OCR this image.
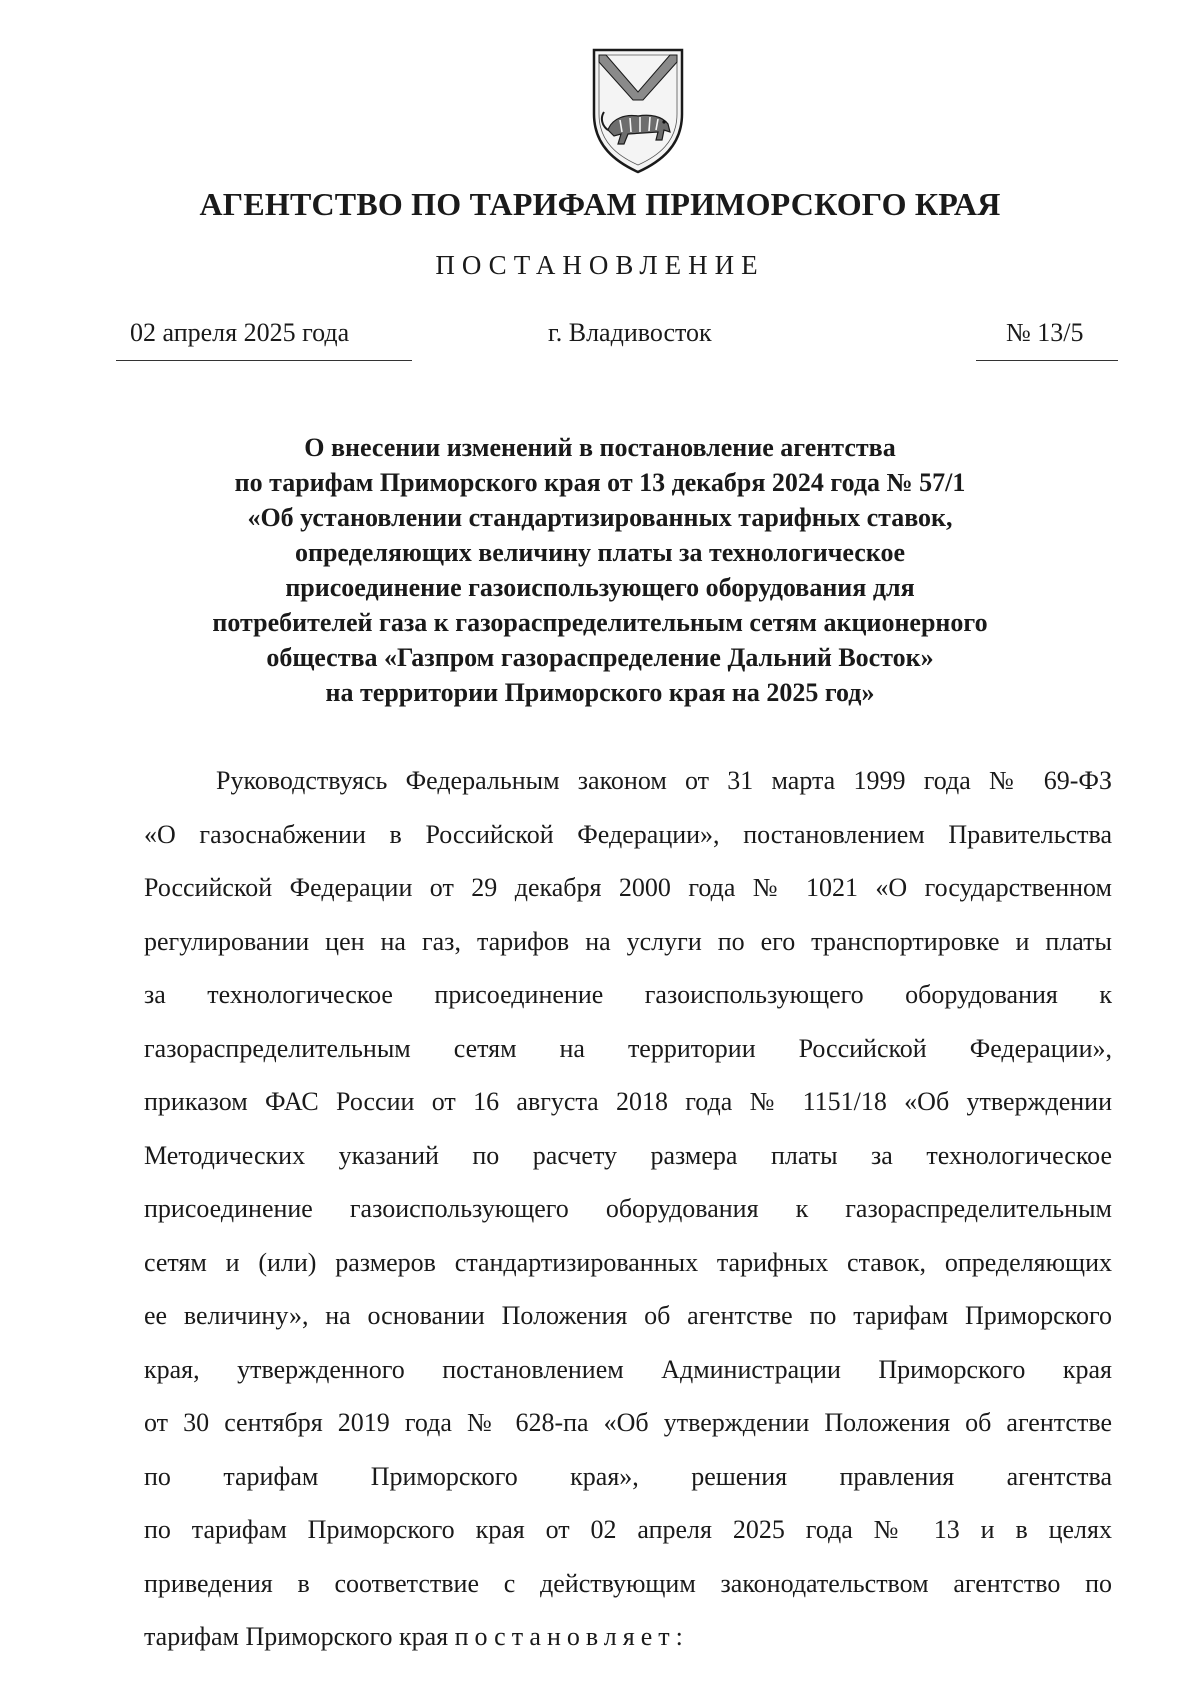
АГЕНТСТВО ПО ТАРИФАМ ПРИМОРСКОГО КРАЯ
ПОСТАНОВЛЕНИЕ
02 апреля 2025 года	г. Владивосток	№ 13/5
О внесении изменений в постановление агентства
по тарифам Приморского края от 13 декабря 2024 года № 57/1
«Об установлении стандартизированных тарифных ставок,
определяющих величину платы за технологическое
присоединение газоиспользующего оборудования для
потребителей газа к газораспределительным сетям акционерного
общества «Газпром газораспределение Дальний Восток»
на территории Приморского края на 2025 год»
Руководствуясь Федеральным законом от 31 марта 1999 года № 69-ФЗ
«О газоснабжении в Российской Федерации», постановлением Правительства
Российской Федерации от 29 декабря 2000 года № 1021 «О государственном
регулировании цен на газ, тарифов на услуги по его транспортировке и платы
за технологическое присоединение газоиспользующего оборудования к
газораспределительным сетям на территории Российской Федерации»,
приказом ФАС России от 16 августа 2018 года № 1151/18 «Об утверждении
Методических указаний по расчету размера платы за технологическое
присоединение газоиспользующего оборудования к газораспределительным
сетям и (или) размеров стандартизированных тарифных ставок, определяющих
ее величину», на основании Положения об агентстве по тарифам Приморского
края, утвержденного постановлением Администрации Приморского края
от 30 сентября 2019 года № 628-па «Об утверждении Положения об агентстве
по тарифам Приморского края», решения правления агентства
по тарифам Приморского края от 02 апреля 2025 года № 13 и в целях
приведения в соответствие с действующим законодательством агентство по
тарифам Приморского края постановляет:
